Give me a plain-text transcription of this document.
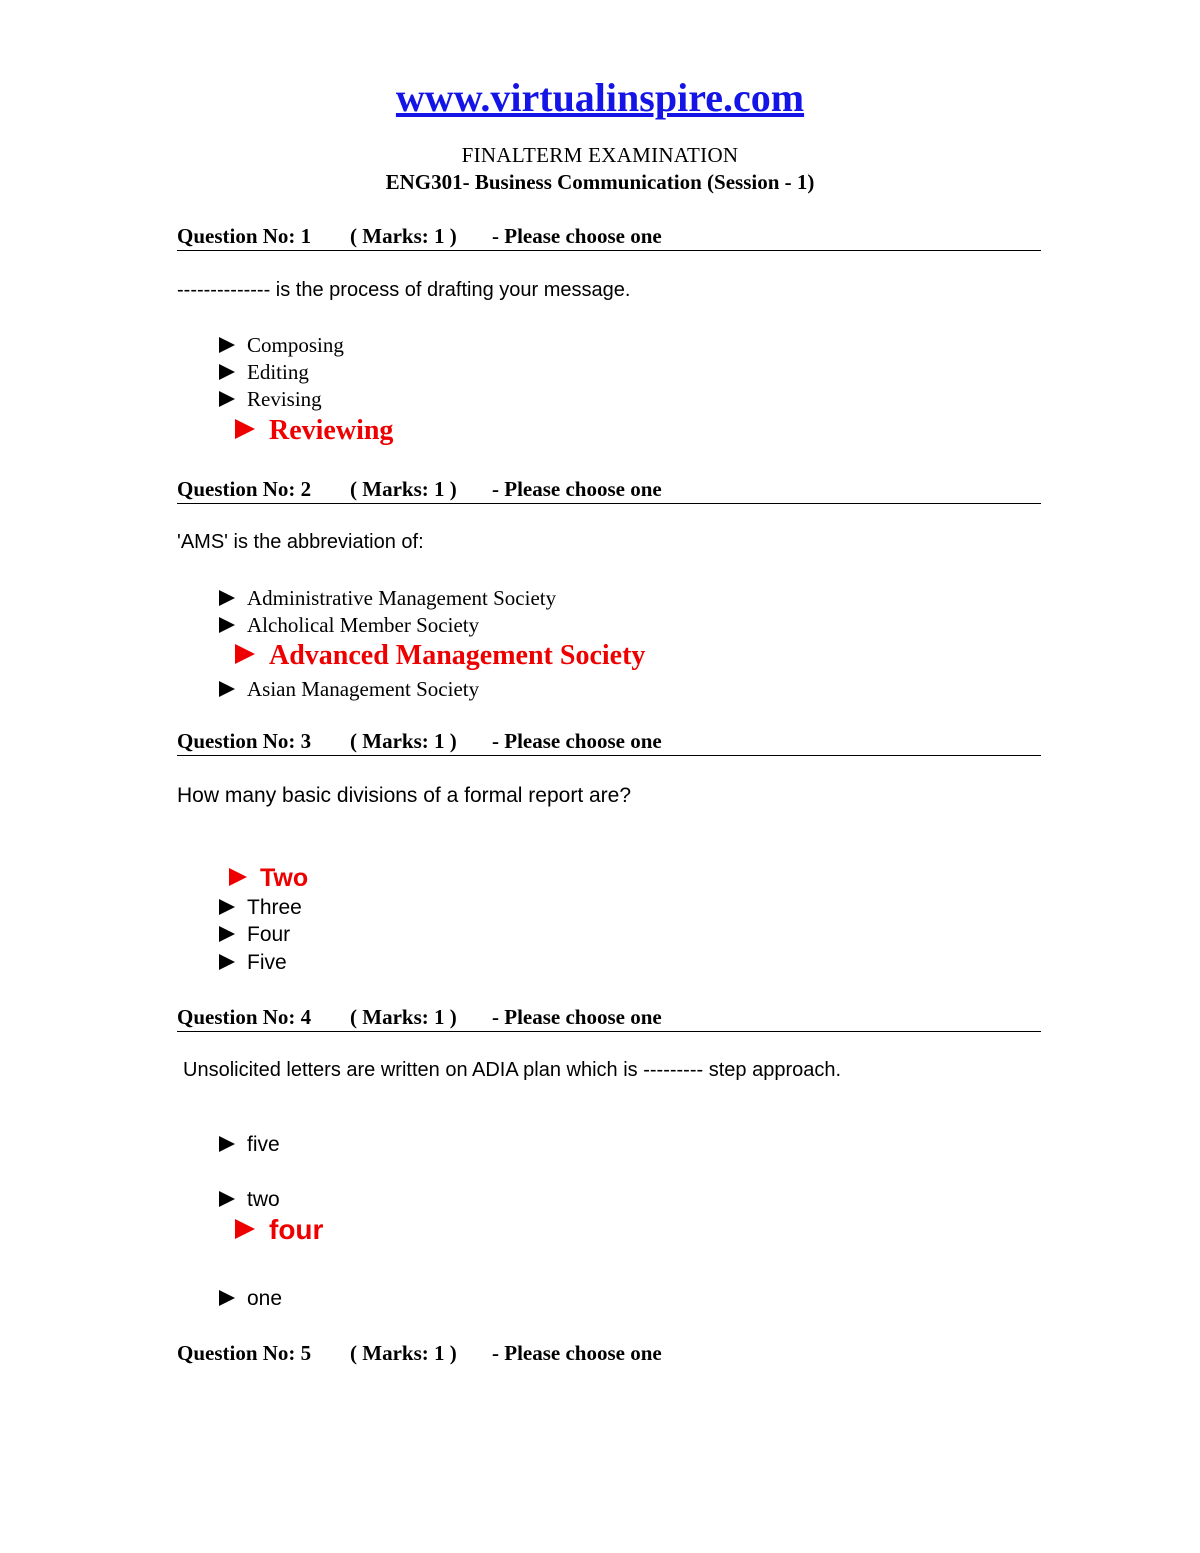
www.virtualinspire.com
FINALTERM EXAMINATION
ENG301- Business Communication (Session - 1)
Question No: 1 ( Marks: 1 ) - Please choose one
-------------- is the process of drafting your message.
Composing
Editing
Revising
Reviewing
Question No: 2 ( Marks: 1 ) - Please choose one
'AMS' is the abbreviation of:
Administrative Management Society
Alcholical Member Society
Advanced Management Society
Asian Management Society
Question No: 3 ( Marks: 1 ) - Please choose one
How many basic divisions of a formal report are?
Two
Three
Four
Five
Question No: 4 ( Marks: 1 ) - Please choose one
Unsolicited letters are written on ADIA plan which is --------- step approach.
five
two
four
one
Question No: 5 ( Marks: 1 ) - Please choose one
